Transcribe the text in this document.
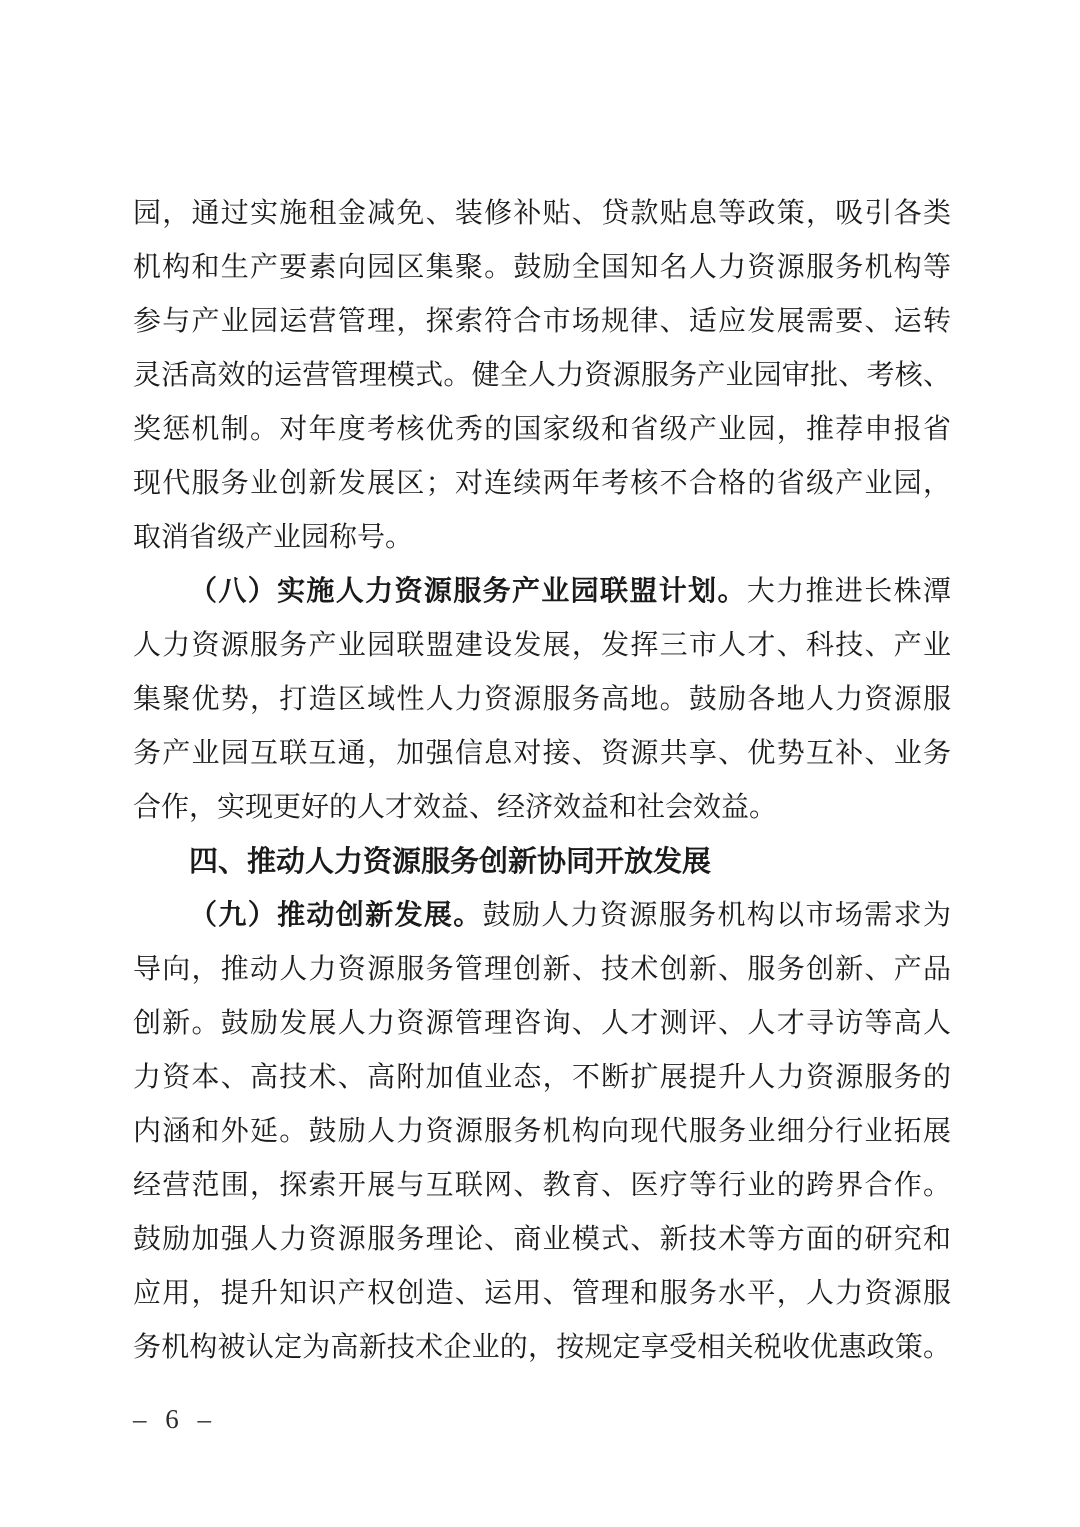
园，通过实施租金减免、装修补贴、贷款贴息等政策，吸引各类
机构和生产要素向园区集聚。鼓励全国知名人力资源服务机构等
参与产业园运营管理，探索符合市场规律、适应发展需要、运转
灵活高效的运营管理模式。健全人力资源服务产业园审批、考核、
奖惩机制。对年度考核优秀的国家级和省级产业园，推荐申报省
现代服务业创新发展区；对连续两年考核不合格的省级产业园，
取消省级产业园称号。
（八）实施人力资源服务产业园联盟计划。大力推进长株潭
人力资源服务产业园联盟建设发展，发挥三市人才、科技、产业
集聚优势，打造区域性人力资源服务高地。鼓励各地人力资源服
务产业园互联互通，加强信息对接、资源共享、优势互补、业务
合作，实现更好的人才效益、经济效益和社会效益。
四、推动人力资源服务创新协同开放发展
（九）推动创新发展。鼓励人力资源服务机构以市场需求为
导向，推动人力资源服务管理创新、技术创新、服务创新、产品
创新。鼓励发展人力资源管理咨询、人才测评、人才寻访等高人
力资本、高技术、高附加值业态，不断扩展提升人力资源服务的
内涵和外延。鼓励人力资源服务机构向现代服务业细分行业拓展
经营范围，探索开展与互联网、教育、医疗等行业的跨界合作。
鼓励加强人力资源服务理论、商业模式、新技术等方面的研究和
应用，提升知识产权创造、运用、管理和服务水平，人力资源服
务机构被认定为高新技术企业的，按规定享受相关税收优惠政策。
– 6 –
